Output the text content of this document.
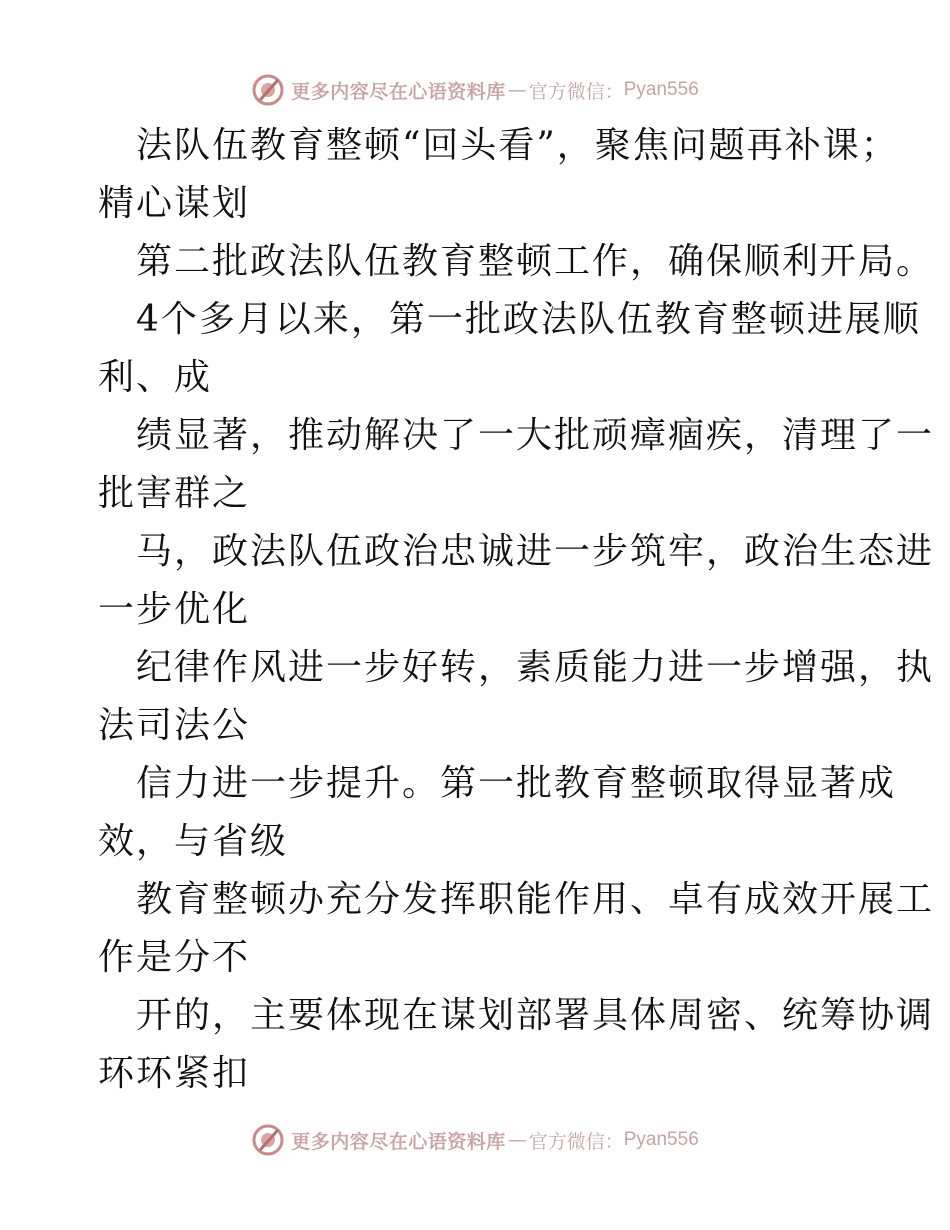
更多内容尽在心语资料库 — 官方微信： Pyan556
法队伍教育整顿“回头看”，聚焦问题再补课；
精心谋划
第二批政法队伍教育整顿工作，确保顺利开局。
4个多月以来，第一批政法队伍教育整顿进展顺
利、成
绩显著，推动解决了一大批顽瘴痼疾，清理了一
批害群之
马，政法队伍政治忠诚进一步筑牢，政治生态进
一步优化
纪律作风进一步好转，素质能力进一步增强，执
法司法公
信力进一步提升。第一批教育整顿取得显著成
效，与省级
教育整顿办充分发挥职能作用、卓有成效开展工
作是分不
开的，主要体现在谋划部署具体周密、统筹协调
环环紧扣
更多内容尽在心语资料库 — 官方微信： Pyan556
